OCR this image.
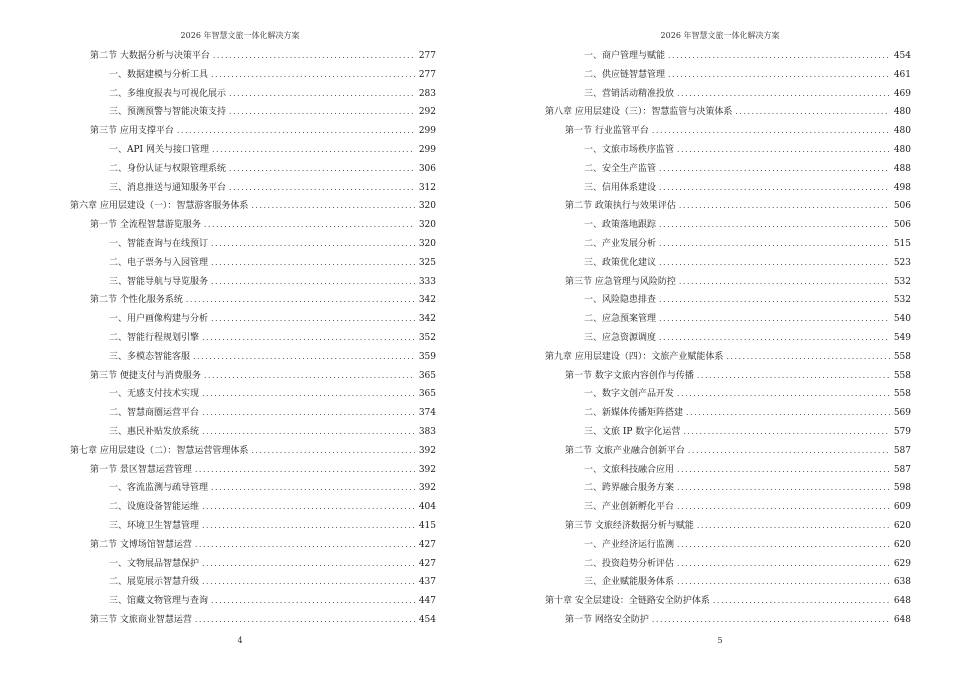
2026 年智慧文旅一体化解决方案
第二节 大数据分析与决策平台 .....	277
一、数据建模与分析工具 .....	277
二、多维度报表与可视化展示 .....	283
三、预测预警与智能决策支持 .....	292
第三节 应用支撑平台 .....	299
一、API 网关与接口管理 .....	299
二、身份认证与权限管理系统 .....	306
三、消息推送与通知服务平台 .....	312
第六章 应用层建设（一）：智慧游客服务体系 .....	320
第一节 全流程智慧游览服务 .....	320
一、智能查询与在线预订 .....	320
二、电子票务与入园管理 .....	325
三、智能导航与导览服务 .....	333
第二节 个性化服务系统 .....	342
一、用户画像构建与分析 .....	342
二、智能行程规划引擎 .....	352
三、多模态智能客服 .....	359
第三节 便捷支付与消费服务 .....	365
一、无感支付技术实现 .....	365
二、智慧商圈运营平台 .....	374
三、惠民补贴发放系统 .....	383
第七章 应用层建设（二）：智慧运营管理体系 .....	392
第一节 景区智慧运营管理 .....	392
一、客流监测与疏导管理 .....	392
二、设施设备智能运维 .....	404
三、环境卫生智慧管理 .....	415
第二节 文博场馆智慧运营 .....	427
一、文物展品智慧保护 .....	427
二、展览展示智慧升级 .....	437
三、馆藏文物管理与查询 .....	447
第三节 文旅商业智慧运营 .....	454
4
2026 年智慧文旅一体化解决方案
一、商户管理与赋能 .....	454
二、供应链智慧管理 .....	461
三、营销活动精准投放 .....	469
第八章 应用层建设（三）：智慧监管与决策体系 .....	480
第一节 行业监管平台 .....	480
一、文旅市场秩序监管 .....	480
二、安全生产监管 .....	488
三、信用体系建设 .....	498
第二节 政策执行与效果评估 .....	506
一、政策落地跟踪 .....	506
二、产业发展分析 .....	515
三、政策优化建议 .....	523
第三节 应急管理与风险防控 .....	532
一、风险隐患排查 .....	532
二、应急预案管理 .....	540
三、应急资源调度 .....	549
第九章 应用层建设（四）：文旅产业赋能体系 .....	558
第一节 数字文旅内容创作与传播 .....	558
一、数字文创产品开发 .....	558
二、新媒体传播矩阵搭建 .....	569
三、文旅 IP 数字化运营 .....	579
第二节 文旅产业融合创新平台 .....	587
一、文旅科技融合应用 .....	587
二、跨界融合服务方案 .....	598
三、产业创新孵化平台 .....	609
第三节 文旅经济数据分析与赋能 .....	620
一、产业经济运行监测 .....	620
二、投资趋势分析评估 .....	629
三、企业赋能服务体系 .....	638
第十章 安全层建设：全链路安全防护体系 .....	648
第一节 网络安全防护 .....	648
5
